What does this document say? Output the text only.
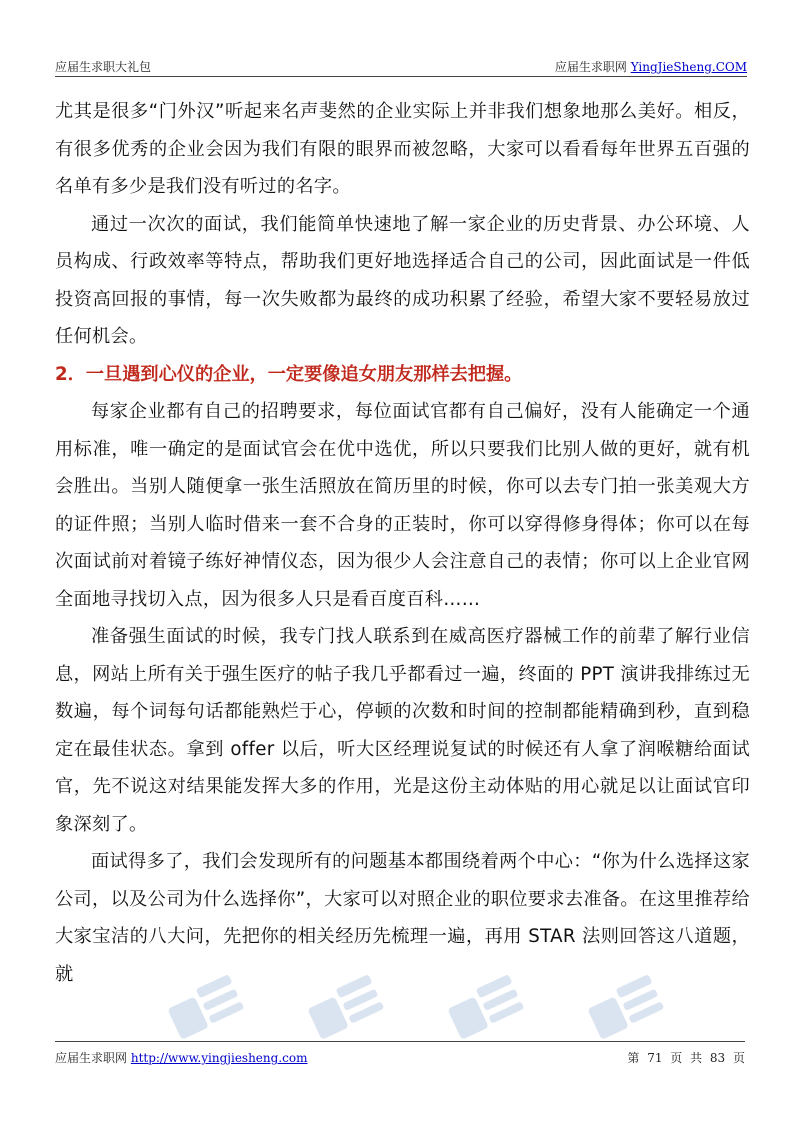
应届生求职大礼包	应届生求职网 YingJieSheng.COM

尤其是很多“门外汉”听起来名声斐然的企业实际上并非我们想象地那么美好。相反，有很多优秀的企业会因为我们有限的眼界而被忽略，大家可以看看每年世界五百强的名单有多少是我们没有听过的名字。

通过一次次的面试，我们能简单快速地了解一家企业的历史背景、办公环境、人员构成、行政效率等特点，帮助我们更好地选择适合自己的公司，因此面试是一件低投资高回报的事情，每一次失败都为最终的成功积累了经验，希望大家不要轻易放过任何机会。

2．一旦遇到心仪的企业，一定要像追女朋友那样去把握。

每家企业都有自己的招聘要求，每位面试官都有自己偏好，没有人能确定一个通用标准，唯一确定的是面试官会在优中选优，所以只要我们比别人做的更好，就有机会胜出。当别人随便拿一张生活照放在简历里的时候，你可以去专门拍一张美观大方的证件照；当别人临时借来一套不合身的正装时，你可以穿得修身得体；你可以在每次面试前对着镜子练好神情仪态，因为很少人会注意自己的表情；你可以上企业官网全面地寻找切入点，因为很多人只是看百度百科……

准备强生面试的时候，我专门找人联系到在威高医疗器械工作的前辈了解行业信息，网站上所有关于强生医疗的帖子我几乎都看过一遍，终面的 PPT 演讲我排练过无数遍，每个词每句话都能熟烂于心，停顿的次数和时间的控制都能精确到秒，直到稳定在最佳状态。拿到 offer 以后，听大区经理说复试的时候还有人拿了润喉糖给面试官，先不说这对结果能发挥大多的作用，光是这份主动体贴的用心就足以让面试官印象深刻了。

面试得多了，我们会发现所有的问题基本都围绕着两个中心：“你为什么选择这家公司，以及公司为什么选择你”，大家可以对照企业的职位要求去准备。在这里推荐给大家宝洁的八大问，先把你的相关经历先梳理一遍，再用 STAR 法则回答这八道题，就

应届生求职网 http://www.yingjiesheng.com	第 71 页 共 83 页
